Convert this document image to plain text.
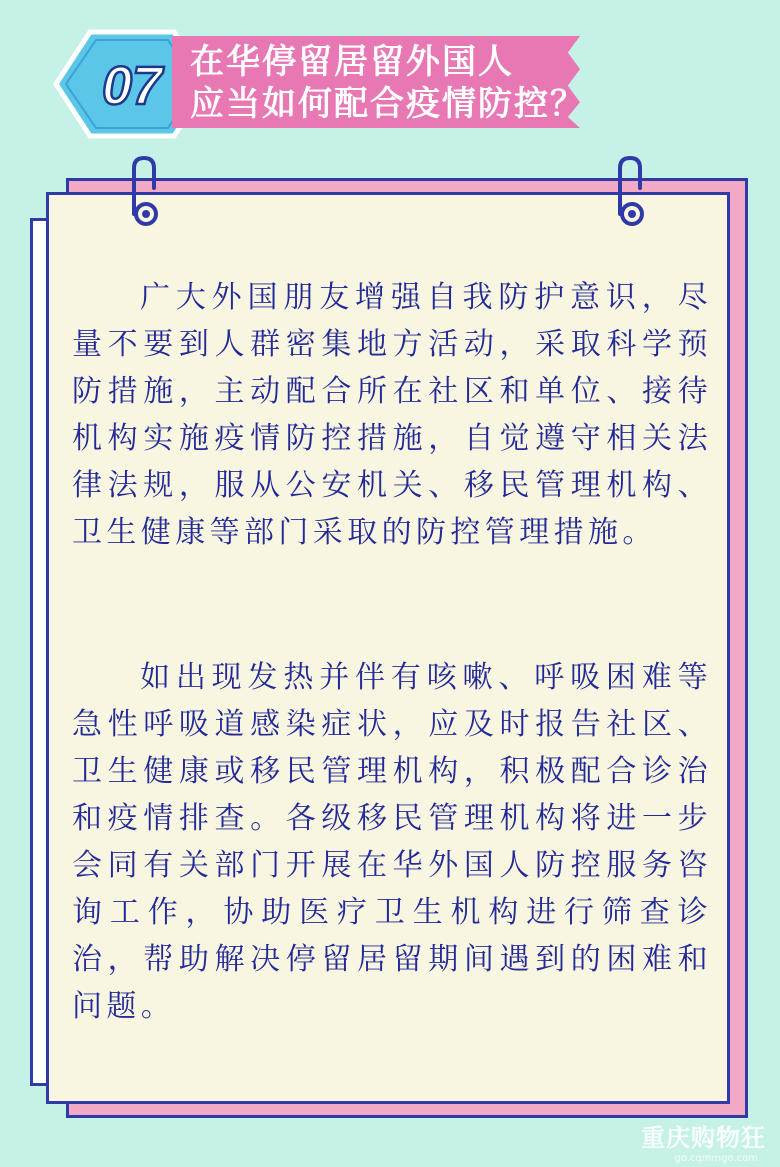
07 在华停留居留外国人
应当如何配合疫情防控？

广大外国朋友增强自我防护意识，尽量不要到人群密集地方活动，采取科学预防措施，主动配合所在社区和单位、接待机构实施疫情防控措施，自觉遵守相关法律法规，服从公安机关、移民管理机构、卫生健康等部门采取的防控管理措施。

如出现发热并伴有咳嗽、呼吸困难等急性呼吸道感染症状，应及时报告社区、卫生健康或移民管理机构，积极配合诊治和疫情排查。各级移民管理机构将进一步会同有关部门开展在华外国人防控服务咨询工作，协助医疗卫生机构进行筛查诊治，帮助解决停留居留期间遇到的困难和问题。

重庆购物狂
go.cqmmgo.com
